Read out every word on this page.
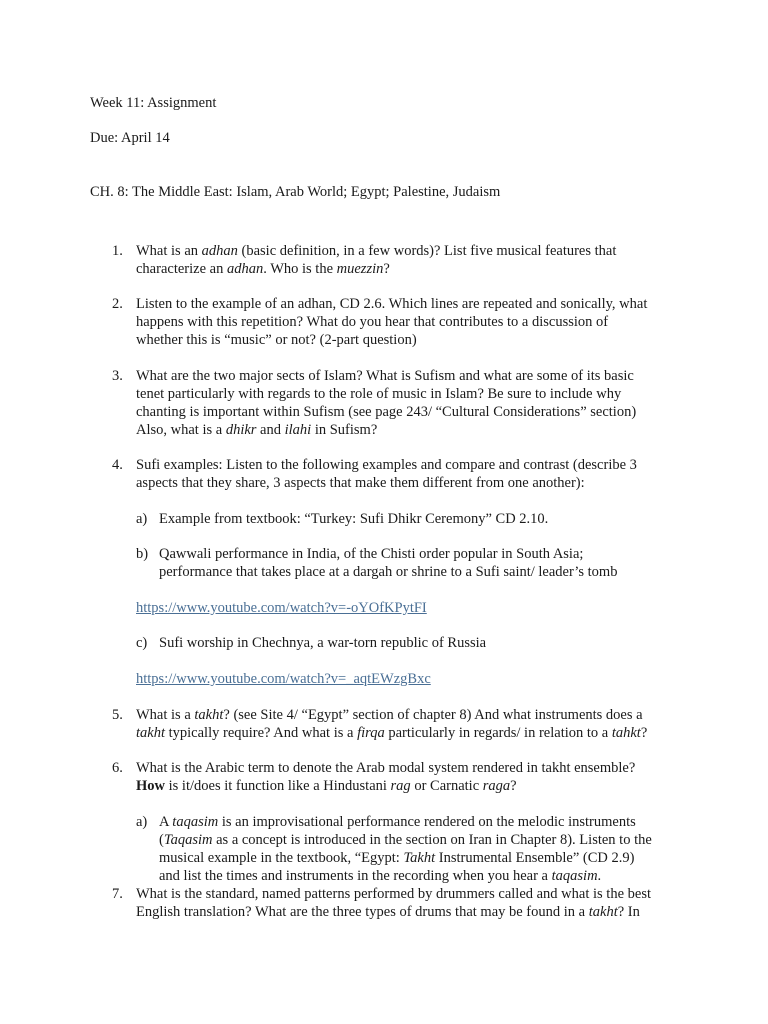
Week 11: Assignment
Due: April 14
CH. 8: The Middle East: Islam, Arab World; Egypt; Palestine, Judaism
1. What is an adhan (basic definition, in a few words)? List five musical features that
characterize an adhan. Who is the muezzin?
2. Listen to the example of an adhan, CD 2.6. Which lines are repeated and sonically, what
happens with this repetition? What do you hear that contributes to a discussion of
whether this is “music” or not? (2-part question)
3. What are the two major sects of Islam? What is Sufism and what are some of its basic
tenet particularly with regards to the role of music in Islam? Be sure to include why
chanting is important within Sufism (see page 243/ “Cultural Considerations” section)
Also, what is a dhikr and ilahi in Sufism?
4. Sufi examples: Listen to the following examples and compare and contrast (describe 3
aspects that they share, 3 aspects that make them different from one another):
a) Example from textbook: “Turkey: Sufi Dhikr Ceremony” CD 2.10.
b) Qawwali performance in India, of the Chisti order popular in South Asia;
performance that takes place at a dargah or shrine to a Sufi saint/ leader’s tomb
https://www.youtube.com/watch?v=-oYOfKPytFI
c) Sufi worship in Chechnya, a war-torn republic of Russia
https://www.youtube.com/watch?v=_aqtEWzgBxc
5. What is a takht? (see Site 4/ “Egypt” section of chapter 8) And what instruments does a
takht typically require? And what is a firqa particularly in regards/ in relation to a tahkt?
6. What is the Arabic term to denote the Arab modal system rendered in takht ensemble?
How is it/does it function like a Hindustani rag or Carnatic raga?
a) A taqasim is an improvisational performance rendered on the melodic instruments
(Taqasim as a concept is introduced in the section on Iran in Chapter 8). Listen to the
musical example in the textbook, “Egypt: Takht Instrumental Ensemble” (CD 2.9)
and list the times and instruments in the recording when you hear a taqasim.
7. What is the standard, named patterns performed by drummers called and what is the best
English translation? What are the three types of drums that may be found in a takht? In
